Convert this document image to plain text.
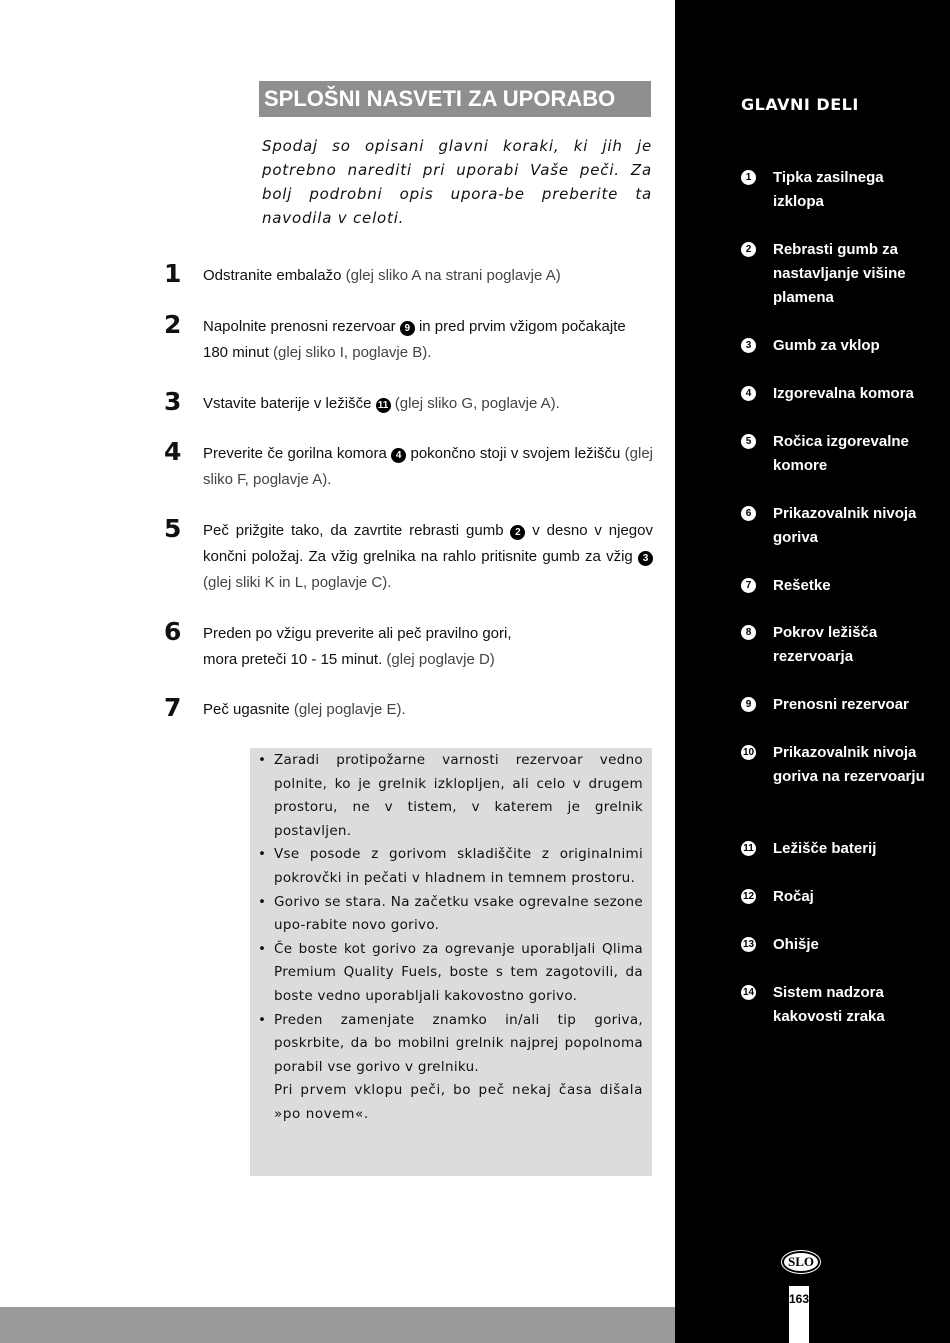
GLAVNI DELI
1	Tipka zasilnega izklopa
2	Rebrasti gumb za nastavljanje višine plamena
3	Gumb za vklop
4	Izgorevalna komora
5	Ročica izgorevalne komore
6	Prikazovalnik nivoja goriva
7	Rešetke
8	Pokrov ležišča rezervoarja
9	Prenosni rezervoar
10 Prikazovalnik nivoja goriva na rezervoarju
11 Ležišče baterij
12 Ročaj
13 Ohišje
14 Sistem nadzora kakovosti zraka
SPLOŠNI NASVETI ZA UPORABO
Spodaj so opisani glavni koraki, ki jih je potrebno narediti pri uporabi Vaše peči. Za bolj podrobni opis upora-be preberite ta navodila v celoti.
1 Odstranite embalažo (glej sliko A na strani poglavje A)
2 Napolnite prenosni rezervoar 9 in pred prvim vžigom počakajte 180 minut (glej sliko I, poglavje B).
3 Vstavite baterije v ležišče 11 (glej sliko G, poglavje A).
4 Preverite če gorilna komora 4 pokončno stoji v svojem ležišču (glej sliko F, poglavje A).
5 Peč prižgite tako, da zavrtite rebrasti gumb 2 v desno v njegov končni položaj. Za vžig grelnika na rahlo pritisnite gumb za vžig 3 (glej sliki K in L, poglavje C).
6 Preden po vžigu preverite ali peč pravilno gori, mora preteči 10 - 15 minut. (glej poglavje D)
7 Peč ugasnite (glej poglavje E).
• Zaradi protipožarne varnosti rezervoar vedno polnite, ko je grelnik izklopljen, ali celo v drugem prostoru, ne v tistem, v katerem je grelnik postavljen.
• Vse posode z gorivom skladiščite z originalnimi pokrovčki in pečati v hladnem in temnem prostoru.
• Gorivo se stara. Na začetku vsake ogrevalne sezone upo-rabite novo gorivo.
• Če boste kot gorivo za ogrevanje uporabljali Qlima Premium Quality Fuels, boste s tem zagotovili, da boste vedno uporabljali kakovostno gorivo.
• Preden zamenjate znamko in/ali tip goriva, poskrbite, da bo mobilni grelnik najprej popolnoma porabil vse gorivo v grelniku.
Pri prvem vklopu peči, bo peč nekaj časa dišala »po novem«.
SLO
163
